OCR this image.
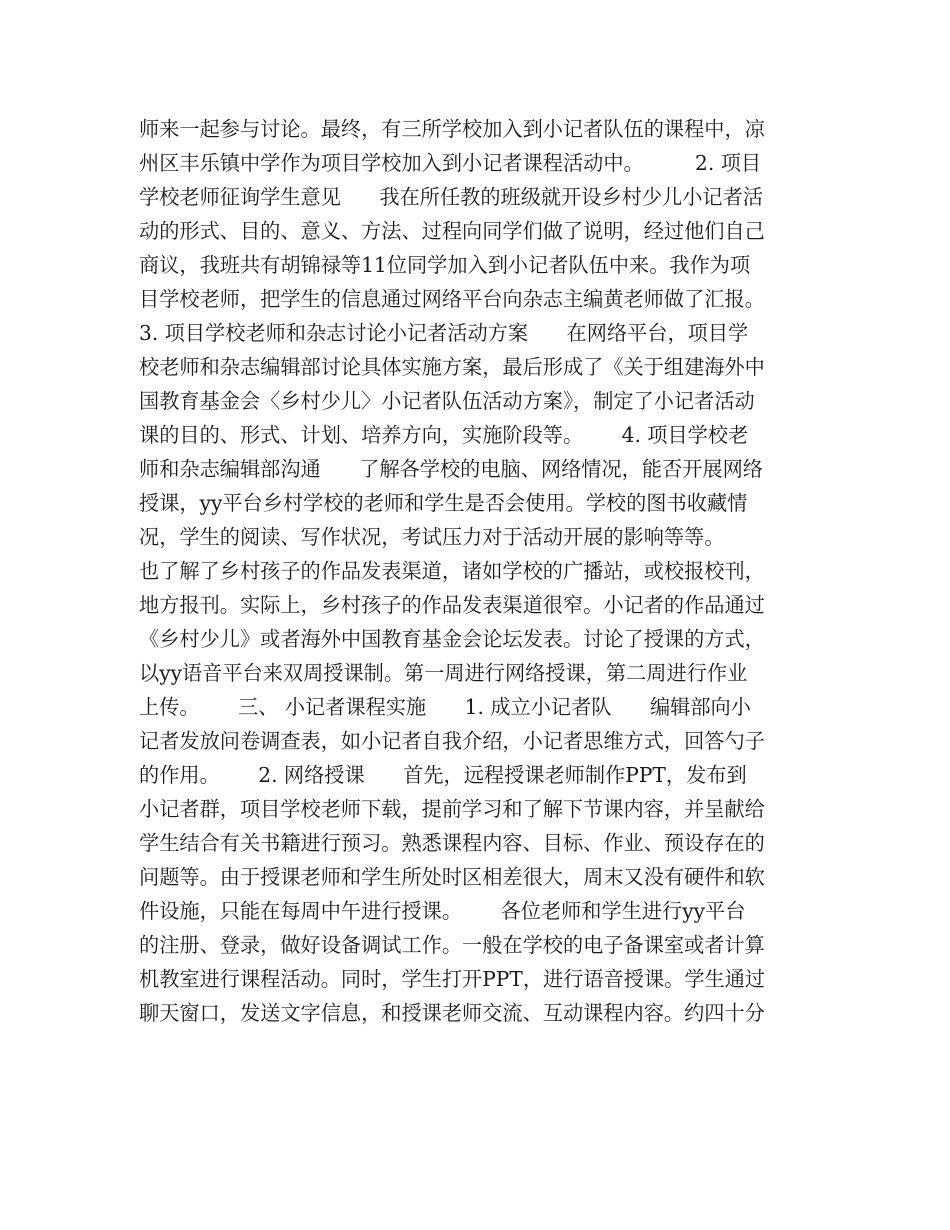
师来一起参与讨论。最终，有三所学校加入到小记者队伍的课程中，凉
州区丰乐镇中学作为项目学校加入到小记者课程活动中。        2. 项目
学校老师征询学生意见      我在所任教的班级就开设乡村少儿小记者活
动的形式、目的、意义、方法、过程向同学们做了说明，经过他们自己
商议，我班共有胡锦禄等11位同学加入到小记者队伍中来。我作为项
目学校老师，把学生的信息通过网络平台向杂志主编黄老师做了汇报。
3. 项目学校老师和杂志讨论小记者活动方案      在网络平台，项目学
校老师和杂志编辑部讨论具体实施方案，最后形成了《关于组建海外中
国教育基金会〈乡村少儿〉小记者队伍活动方案》，制定了小记者活动
课的目的、形式、计划、培养方向，实施阶段等。      4. 项目学校老
师和杂志编辑部沟通      了解各学校的电脑、网络情况，能否开展网络
授课，yy平台乡村学校的老师和学生是否会使用。学校的图书收藏情
况，学生的阅读、写作状况，考试压力对于活动开展的影响等等。
也了解了乡村孩子的作品发表渠道，诸如学校的广播站，或校报校刊，
地方报刊。实际上，乡村孩子的作品发表渠道很窄。小记者的作品通过
《乡村少儿》或者海外中国教育基金会论坛发表。讨论了授课的方式，
以yy语音平台来双周授课制。第一周进行网络授课，第二周进行作业
上传。      三、 小记者课程实施      1. 成立小记者队      编辑部向小
记者发放问卷调查表，如小记者自我介绍，小记者思维方式，回答勺子
的作用。      2. 网络授课      首先，远程授课老师制作PPT，发布到
小记者群，项目学校老师下载，提前学习和了解下节课内容，并呈献给
学生结合有关书籍进行预习。熟悉课程内容、目标、作业、预设存在的
问题等。由于授课老师和学生所处时区相差很大，周末又没有硬件和软
件设施，只能在每周中午进行授课。      各位老师和学生进行yy平台
的注册、登录，做好设备调试工作。一般在学校的电子备课室或者计算
机教室进行课程活动。同时，学生打开PPT，进行语音授课。学生通过
聊天窗口，发送文字信息，和授课老师交流、互动课程内容。约四十分
